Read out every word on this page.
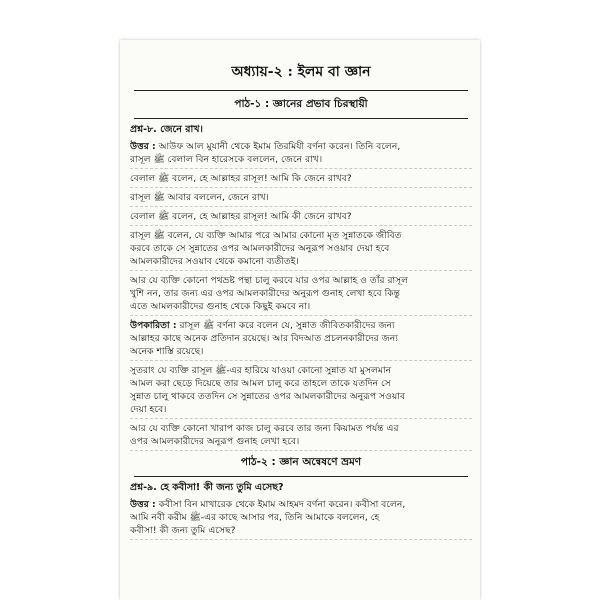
অধ্যায়-২ : ইলম বা জ্ঞান
পাঠ-১ : জ্ঞানের প্রভাব চিরস্থায়ী
প্রশ্ন-৮. জেনে রাখ।
উত্তর : আউফ আল মুযানী থেকে ইমাম তিরমিযী বর্ণনা করেন। তিনি বলেন,
রাসূল ﷺ বেলাল বিন হারেসকে বললেন, জেনে রাখ।
বেলাল ﷺ বলেন, হে আল্লাহর রাসূল! আমি কি জেনে রাখব?
রাসূল ﷺ আবার বললেন, জেনে রাখ।
বেলাল ﷺ বলেন, হে আল্লাহর রাসূল! আমি কী জেনে রাখব?
রাসূল ﷺ বলেন, যে ব্যক্তি আমার পরে আমার কোনো মৃত সুন্নাতকে জীবিত
করবে তাকে সে সুন্নাতের ওপর আমলকারীদের অনুরূপ সওয়াব দেয়া হবে
আমলকারীদের সওয়াব থেকে কমানো ব্যতীতই।
আর যে ব্যক্তি কোনো পথভ্রষ্ট পন্থা চালু করবে যার ওপর আল্লাহ ও তাঁর রাসূল
খুশি নন, তার জন্য এর ওপর আমলকারীদের অনুরূপ গুনাহ লেখা হবে কিন্তু
এতে আমলকারীদের গুনাহ থেকে কিছুই কমবে না।
উপকারিতা : রাসূল ﷺ বর্ণনা করে বলেন যে, সুন্নাত জীবিতকারীদের জন্য
আল্লাহর কাছে অনেক প্রতিদান রয়েছে। আর বিদআত প্রচলনকারীদের জন্য
অনেক শাস্তি রয়েছে।
সুতরাং যে ব্যক্তি রাসূল ﷺ-এর হারিয়ে যাওয়া কোনো সুন্নাত যা মুসলমান
আমল করা ছেড়ে দিয়েছে তার আমল চালু করে তাহলে তাকে যতদিন সে
সুন্নাত চালু থাকবে ততদিন সে সুন্নাতের ওপর আমলকারীদের অনুরূপ সওয়াব
দেয়া হবে।
আর যে ব্যক্তি কোনো খারাপ কাজ চালু করবে তার জন্য কিয়ামত পর্যন্ত এর
ওপর আমলকারীদের অনুরূপ গুনাহ লেখা হবে।
পাঠ-২ : জ্ঞান অন্বেষণে ভ্রমণ
প্রশ্ন-৯. হে কবীসা! কী জন্য তুমি এসেছ?
উত্তর : কবীসা বিন মাখারেক থেকে ইমাম আহমদ বর্ণনা করেন। কবীসা বলেন,
আমি নবী করীম ﷺ-এর কাছে আসার পর, তিনি আমাকে বললেন, হে
কবীসা! কী জন্য তুমি এসেছ?
